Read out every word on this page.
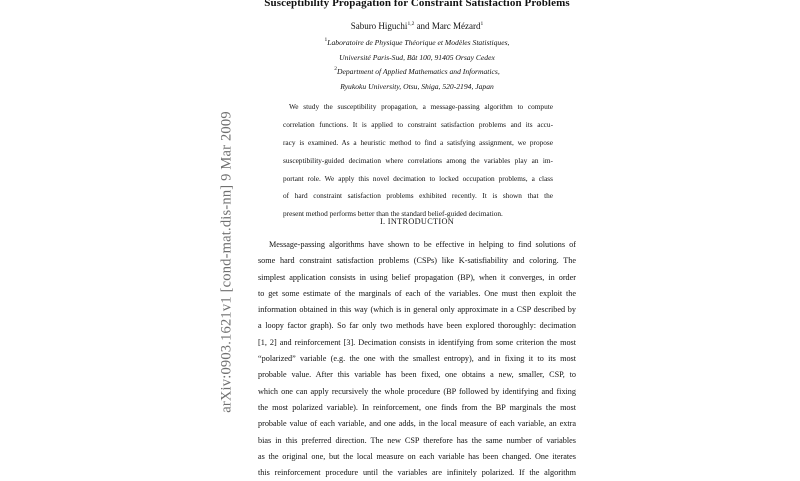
Susceptibility Propagation for Constraint Satisfaction Problems
Saburo Higuchi$^{1,2}$ and Marc Mézard$^1$
$^1$Laboratoire de Physique Théorique et Modèles Statistiques,
Université Paris-Sud, Bât 100, 91405 Orsay Cedex
$^2$Department of Applied Mathematics and Informatics,
Ryukoku University, Otsu, Shiga, 520-2194, Japan
We study the susceptibility propagation, a message-passing algorithm to compute
correlation functions. It is applied to constraint satisfaction problems and its accu-
racy is examined. As a heuristic method to find a satisfying assignment, we propose
susceptibility-guided decimation where correlations among the variables play an im-
portant role. We apply this novel decimation to locked occupation problems, a class
of hard constraint satisfaction problems exhibited recently. It is shown that the
present method performs better than the standard belief-guided decimation.
I. INTRODUCTION
Message-passing algorithms have shown to be effective in helping to find solutions of
some hard constraint satisfaction problems (CSPs) like K-satisfiability and coloring. The
simplest application consists in using belief propagation (BP), when it converges, in order
to get some estimate of the marginals of each of the variables. One must then exploit the
information obtained in this way (which is in general only approximate in a CSP described by
a loopy factor graph). So far only two methods have been explored thoroughly: decimation
[1, 2] and reinforcement [3]. Decimation consists in identifying from some criterion the most
“polarized” variable (e.g. the one with the smallest entropy), and in fixing it to its most
probable value. After this variable has been fixed, one obtains a new, smaller, CSP, to
which one can apply recursively the whole procedure (BP followed by identifying and fixing
the most polarized variable). In reinforcement, one finds from the BP marginals the most
probable value of each variable, and one adds, in the local measure of each variable, an extra
bias in this preferred direction. The new CSP therefore has the same number of variables
as the original one, but the local measure on each variable has been changed. One iterates
this reinforcement procedure until the variables are infinitely polarized. If the algorithm
arXiv:0903.1621v1 [cond-mat.dis-nn] 9 Mar 2009
